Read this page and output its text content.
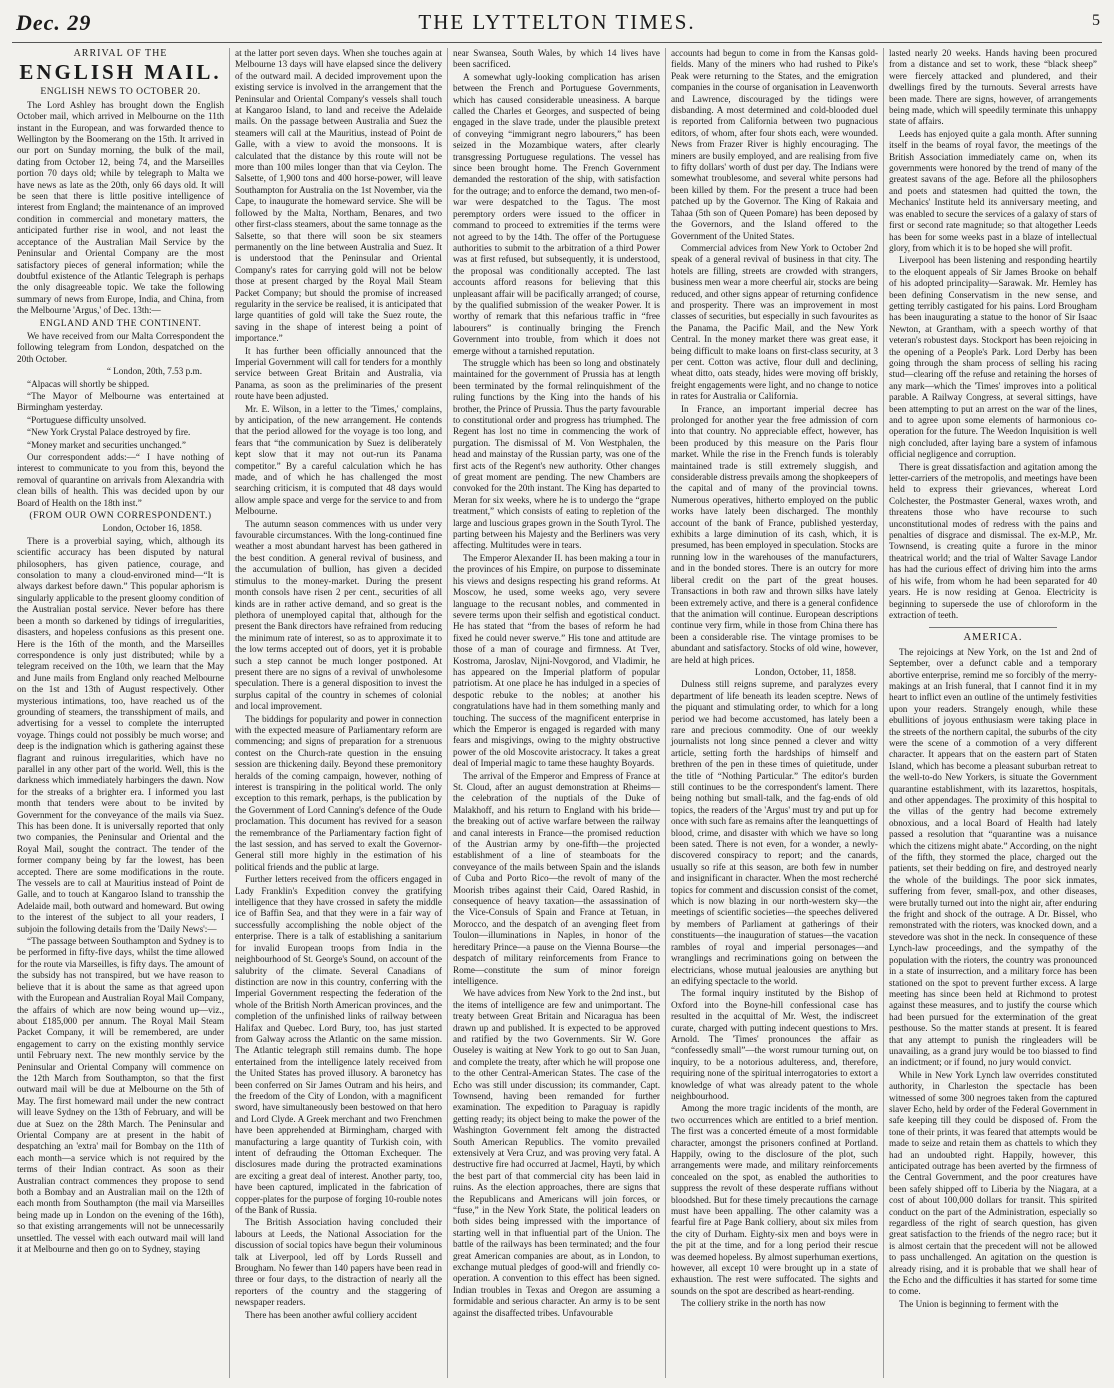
Dec. 29	THE LYTTELTON TIMES.	5
ARRIVAL OF THE
ENGLISH MAIL.
ENGLISH NEWS TO OCTOBER 20.

The Lord Ashley has brought down the English October mail, which arrived in Melbourne on the 11th instant in the European, and was forwarded thence to Wellington by the Boomerang on the 15th. It arrived in our port on Sunday morning, the bulk of the mail, dating from October 12, being 74, and the Marseilles portion 70 days old; while by telegraph to Malta we have news as late as the 20th, only 66 days old. It will be seen that there is little positive intelligence of interest from England; the maintenance of an improved condition in commercial and monetary matters, the anticipated further rise in wool, and not least the acceptance of the Australian Mail Service by the Peninsular and Oriental Company are the most satisfactory pieces of general information; while the doubtful existence of the Atlantic Telegraph is perhaps the only disagreeable topic. We take the following summary of news from Europe, India, and China, from the Melbourne 'Argus,' of Dec. 13th:—

ENGLAND AND THE CONTINENT.

We have received from our Malta Correspondent the following telegram from London, despatched on the 20th October.

“ London, 20th, 7.53 p.m.

“Alpacas will shortly be shipped.

“The Mayor of Melbourne was entertained at Birmingham yesterday.

“Portuguese difficulty unsolved.

“New York Crystal Palace destroyed by fire.

“Money market and securities unchanged.”

Our correspondent adds:—“ I have nothing of interest to communicate to you from this, beyond the removal of quarantine on arrivals from Alexandria with clean bills of health. This was decided upon by our Board of Health on the 18th inst.”

(FROM OUR OWN CORRESPONDENT.)

London, October 16, 1858.

There is a proverbial saying, which, although its scientific accuracy has been disputed by natural philosophers, has given patience, courage, and consolation to many a cloud-environed mind—“It is always darkest before dawn.” This popular aphorism is singularly applicable to the present gloomy condition of the Australian postal service. Never before has there been a month so darkened by tidings of irregularities, disasters, and hopeless confusions as this present one. Here is the 16th of the month, and the Marseilles correspondence is only just distributed; while by a telegram received on the 10th, we learn that the May and June mails from England only reached Melbourne on the 1st and 13th of August respectively. Other mysterious intimations, too, have reached us of the grounding of steamers, the transshipment of mails, and advertising for a vessel to complete the interrupted voyage. Things could not possibly be much worse; and deep is the indignation which is gathering against these flagrant and ruinous irregularities, which have no parallel in any other part of the world. Well, this is the darkness which immediately harbingers the dawn. Now for the streaks of a brighter era. I informed you last month that tenders were about to be invited by Government for the conveyance of the mails via Suez. This has been done. It is universally reported that only two companies, the Peninsular and Oriental and the Royal Mail, sought the contract. The tender of the former company being by far the lowest, has been accepted. There are some modifications in the route. The vessels are to call at Mauritius instead of Point de Galle, and to touch at Kangaroo Island to transship the Adelaide mail, both outward and homeward. But owing to the interest of the subject to all your readers, I subjoin the following details from the 'Daily News':—

“The passage between Southampton and Sydney is to be performed in fifty-five days, whilst the time allowed for the route via Marseilles, is fifty days. The amount of the subsidy has not transpired, but we have reason to believe that it is about the same as that agreed upon with the European and Australian Royal Mail Company, the affairs of which are now being wound up—viz., about £185,000 per annum. The Royal Mail Steam Packet Company, it will be remembered, are under engagement to carry on the existing monthly service until February next. The new monthly service by the Peninsular and Oriental Company will commence on the 12th March from Southampton, so that the first outward mail will be due at Melbourne on the 5th of May. The first homeward mail under the new contract will leave Sydney on the 13th of February, and will be due at Suez on the 28th March. The Peninsular and Oriental Company are at present in the habit of despatching an 'extra' mail for Bombay on the 11th of each month—a service which is not required by the terms of their Indian contract. As soon as their Australian contract commences they propose to send both a Bombay and an Australian mail on the 12th of each month from Southampton (the mail via Marseilles being made up in London on the evening of the 16th), so that existing arrangements will not be unnecessarily unsettled. The vessel with each outward mail will land it at Melbourne and then go on to Sydney, staying

at the latter port seven days. When she touches again at Melbourne 13 days will have elapsed since the delivery of the outward mail. A decided improvement upon the existing service is involved in the arrangement that the Peninsular and Oriental Company's vessels shall touch at Kangaroo Island, to land and receive the Adelaide mails. On the passage between Australia and Suez the steamers will call at the Mauritius, instead of Point de Galle, with a view to avoid the monsoons. It is calculated that the distance by this route will not be more than 100 miles longer than that via Ceylon. The Salsette, of 1,900 tons and 400 horse-power, will leave Southampton for Australia on the 1st November, via the Cape, to inaugurate the homeward service. She will be followed by the Malta, Northam, Benares, and two other first-class steamers, about the same tonnage as the Salsette, so that there will soon be six steamers permanently on the line between Australia and Suez. It is understood that the Peninsular and Oriental Company's rates for carrying gold will not be below those at present charged by the Royal Mail Steam Packet Company; but should the promise of increased regularity in the service be realised, it is anticipated that large quantities of gold will take the Suez route, the saving in the shape of interest being a point of importance.”

It has further been officially announced that the Imperial Government will call for tenders for a monthly service between Great Britain and Australia, via Panama, as soon as the preliminaries of the present route have been adjusted.

Mr. E. Wilson, in a letter to the 'Times,' complains, by anticipation, of the new arrangement. He contends that the period allowed for the voyage is too long, and fears that “the communication by Suez is deliberately kept slow that it may not out-run its Panama competitor.” By a careful calculation which he has made, and of which he has challenged the most searching criticism, it is computed that 48 days would allow ample space and verge for the service to and from Melbourne.

The autumn season commences with us under very favourable circumstances. With the long-continued fine weather a most abundant harvest has been gathered in the best condition. A general revival of business, and the accumulation of bullion, has given a decided stimulus to the money-market. During the present month consols have risen 2 per cent., securities of all kinds are in rather active demand, and so great is the plethora of unemployed capital that, although for the present the Bank directors have refrained from reducing the minimum rate of interest, so as to approximate it to the low terms accepted out of doors, yet it is probable such a step cannot be much longer postponed. At present there are no signs of a revival of unwholesome speculation. There is a general disposition to invest the surplus capital of the country in schemes of colonial and local improvement.

The biddings for popularity and power in connection with the expected measure of Parliamentary reform are commencing; and signs of preparation for a strenuous contest on the Church-rate question in the ensuing session are thickening daily. Beyond these premonitory heralds of the coming campaign, however, nothing of interest is transpiring in the political world. The only exception to this remark, perhaps, is the publication by the Government of Lord Canning's defence of the Oude proclamation. This document has revived for a season the remembrance of the Parliamentary faction fight of the last session, and has served to exalt the Governor-General still more highly in the estimation of his political friends and the public at large.

Further letters received from the officers engaged in Lady Franklin's Expedition convey the gratifying intelligence that they have crossed in safety the middle ice of Baffin Sea, and that they were in a fair way of successfully accomplishing the noble object of the enterprise. There is a talk of establishing a sanitarium for invalid European troops from India in the neighbourhood of St. George's Sound, on account of the salubrity of the climate. Several Canadians of distinction are now in this country, conferring with the Imperial Government respecting the federation of the whole of the British North American provinces, and the completion of the unfinished links of railway between Halifax and Quebec. Lord Bury, too, has just started from Galway across the Atlantic on the same mission. The Atlantic telegraph still remains dumb. The hope entertained from the intelligence lately received from the United States has proved illusory. A baronetcy has been conferred on Sir James Outram and his heirs, and the freedom of the City of London, with a magnificent sword, have simultaneously been bestowed on that hero and Lord Clyde. A Greek merchant and two Frenchmen have been apprehended at Birmingham, charged with manufacturing a large quantity of Turkish coin, with intent of defrauding the Ottoman Exchequer. The disclosures made during the protracted examinations are exciting a great deal of interest. Another party, too, have been captured, implicated in the fabrication of copper-plates for the purpose of forging 10-rouble notes of the Bank of Russia.

The British Association having concluded their labours at Leeds, the National Association for the discussion of social topics have begun their voluminous talk at Liverpool, led off by Lords Russell and Brougham. No fewer than 140 papers have been read in three or four days, to the distraction of nearly all the reporters of the country and the staggering of newspaper readers.

There has been another awful colliery accident

near Swansea, South Wales, by which 14 lives have been sacrificed.

A somewhat ugly-looking complication has arisen between the French and Portuguese Governments, which has caused considerable uneasiness. A barque called the Charles et Georges, and suspected of being engaged in the slave trade, under the plausible pretext of conveying “immigrant negro labourers,” has been seized in the Mozambique waters, after clearly transgressing Portuguese regulations. The vessel has since been brought home. The French Government demanded the restoration of the ship, with satisfaction for the outrage; and to enforce the demand, two men-of-war were despatched to the Tagus. The most peremptory orders were issued to the officer in command to proceed to extremities if the terms were not agreed to by the 14th. The offer of the Portuguese authorities to submit to the arbitration of a third Power was at first refused, but subsequently, it is understood, the proposal was conditionally accepted. The last accounts afford reasons for believing that this unpleasant affair will be pacifically arranged; of course, by the qualified submission of the weaker Power. It is worthy of remark that this nefarious traffic in “free labourers” is continually bringing the French Government into trouble, from which it does not emerge without a tarnished reputation.

The struggle which has been so long and obstinately maintained for the government of Prussia has at length been terminated by the formal relinquishment of the ruling functions by the King into the hands of his brother, the Prince of Prussia. Thus the party favourable to constitutional order and progress has triumphed. The Regent has lost no time in commencing the work of purgation. The dismissal of M. Von Westphalen, the head and mainstay of the Russian party, was one of the first acts of the Regent's new authority. Other changes of great moment are pending. The new Chambers are convoked for the 20th instant. The King has departed to Meran for six weeks, where he is to undergo the “grape treatment,” which consists of eating to repletion of the large and luscious grapes grown in the South Tyrol. The parting between his Majesty and the Berliners was very affecting. Multitudes were in tears.

The Emperor Alexander II. has been making a tour in the provinces of his Empire, on purpose to disseminate his views and designs respecting his grand reforms. At Moscow, he used, some weeks ago, very severe language to the recusant nobles, and commented in severe terms upon their selfish and egotistical conduct. He has stated that “from the bases of reform he had fixed he could never swerve.” His tone and attitude are those of a man of courage and firmness. At Tver, Kostroma, Jaroslav, Nijni-Novgorod, and Vladimir, he has appeared on the Imperial platform of popular patriotism. At one place he has indulged in a species of despotic rebuke to the nobles; at another his congratulations have had in them something manly and touching. The success of the magnificent enterprise in which the Emperor is engaged is regarded with many fears and misgivings, owing to the mighty obstructive power of the old Moscovite aristocracy. It takes a great deal of Imperial magic to tame these haughty Boyards.

The arrival of the Emperor and Empress of France at St. Cloud, after an august demonstration at Rheims—the celebration of the nuptials of the Duke of Malakhoff, and his return to England with his bride—the breaking out of active warfare between the railway and canal interests in France—the promised reduction of the Austrian army by one-fifth—the projected establishment of a line of steamboats for the conveyance of the mails between Spain and the islands of Cuba and Porto Rico—the revolt of many of the Moorish tribes against their Caid, Oared Rashid, in consequence of heavy taxation—the assassination of the Vice-Consuls of Spain and France at Tetuan, in Morocco, and the despatch of an avenging fleet from Toulon—illuminations in Naples, in honor of the hereditary Prince—a pause on the Vienna Bourse—the despatch of military reinforcements from France to Rome—constitute the sum of minor foreign intelligence.

We have advices from New York to the 2nd inst., but the items of intelligence are few and unimportant. The treaty between Great Britain and Nicaragua has been drawn up and published. It is expected to be approved and ratified by the two Governments. Sir W. Gore Ouseley is waiting at New York to go out to San Juan, and complete the treaty, after which he will propose one to the other Central-American States. The case of the Echo was still under discussion; its commander, Capt. Townsend, having been remanded for further examination. The expedition to Paraguay is rapidly getting ready; its object being to make the power of the Washington Government felt among the distracted South American Republics. The vomito prevailed extensively at Vera Cruz, and was proving very fatal. A destructive fire had occurred at Jacmel, Hayti, by which the best part of that commercial city has been laid in ruins. As the election approaches, there are signs that the Republicans and Americans will join forces, or “fuse,” in the New York State, the political leaders on both sides being impressed with the importance of starting well in that influential part of the Union. The battle of the railways has been terminated; and the four great American companies are about, as in London, to exchange mutual pledges of good-will and friendly co-operation. A convention to this effect has been signed. Indian troubles in Texas and Oregon are assuming a formidable and serious character. An army is to be sent against the disaffected tribes. Unfavourable

accounts had begun to come in from the Kansas gold-fields. Many of the miners who had rushed to Pike's Peak were returning to the States, and the emigration companies in the course of organisation in Leavenworth and Lawrence, discouraged by the tidings were disbanding. A most determined and cold-blooded duel is reported from California between two pugnacious editors, of whom, after four shots each, were wounded. News from Frazer River is highly encouraging. The miners are busily employed, and are realising from five to fifty dollars' worth of dust per day. The Indians were somewhat troublesome, and several white persons had been killed by them. For the present a truce had been patched up by the Governor. The King of Rakaia and Tahaa (5th son of Queen Pomare) has been deposed by the Governors, and the Island offered to the Government of the United States.

Commercial advices from New York to October 2nd speak of a general revival of business in that city. The hotels are filling, streets are crowded with strangers, business men wear a more cheerful air, stocks are being reduced, and other signs appear of returning confidence and prosperity. There was an improvement in most classes of securities, but especially in such favourites as the Panama, the Pacific Mail, and the New York Central. In the money market there was great ease, it being difficult to make loans on first-class security, at 3 per cent. Cotton was active, flour dull and declining, wheat ditto, oats steady, hides were moving off briskly, freight engagements were light, and no change to notice in rates for Australia or California.

In France, an important imperial decree has prolonged for another year the free admission of corn into that country. No appreciable effect, however, has been produced by this measure on the Paris flour market. While the rise in the French funds is tolerably maintained trade is still extremely sluggish, and considerable distress prevails among the shopkeepers of the capital and of many of the provincial towns. Numerous operatives, hitherto employed on the public works have lately been discharged. The monthly account of the bank of France, published yesterday, exhibits a large diminution of its cash, which, it is presumed, has been employed in speculation. Stocks are running low in the warehouses of the manufacturers, and in the bonded stores. There is an outcry for more liberal credit on the part of the great houses. Transactions in both raw and thrown silks have lately been extremely active, and there is a general confidence that the animation will continue. European descriptions continue very firm, while in those from China there has been a considerable rise. The vintage promises to be abundant and satisfactory. Stocks of old wine, however, are held at high prices.

London, October, 11, 1858.

Dulness still reigns supreme, and paralyzes every department of life beneath its leaden sceptre. News of the piquant and stimulating order, to which for a long period we had become accustomed, has lately been a rare and precious commodity. One of our weekly journalists not long since penned a clever and witty article, setting forth the hardships of himself and brethren of the pen in these times of quietitude, under the title of “Nothing Particular.” The editor's burden still continues to be the correspondent's lament. There being nothing but small-talk, and the fag-ends of old topics, the readers of the 'Argus' must try and put up for once with such fare as remains after the leanquettings of blood, crime, and disaster with which we have so long been sated. There is not even, for a wonder, a newly-discovered conspiracy to report; and the canards, usually so rife at this season, are both few in number and insignificant in character. When the most recherché topics for comment and discussion consist of the comet, which is now blazing in our north-western sky—the meetings of scientific societies—the speeches delivered by members of Parliament at gatherings of their constituents—the inauguration of statues—the vacation rambles of royal and imperial personages—and wranglings and recriminations going on between the electricians, whose mutual jealousies are anything but an edifying spectacle to the world.

The formal inquiry instituted by the Bishop of Oxford into the Boyne-hill confessional case has resulted in the acquittal of Mr. West, the indiscreet curate, charged with putting indecent questions to Mrs. Arnold. The 'Times' pronounces the affair as “confessedly small”—the worst rumour turning out, on inquiry, to be a notorious adulteress, and, therefore, requiring none of the spiritual interrogatories to extort a knowledge of what was already patent to the whole neighbourhood.

Among the more tragic incidents of the month, are two occurrences which are entitled to a brief mention. The first was a concerted émeute of a most formidable character, amongst the prisoners confined at Portland. Happily, owing to the disclosure of the plot, such arrangements were made, and military reinforcements concealed on the spot, as enabled the authorities to suppress the revolt of these desperate ruffians without bloodshed. But for these timely precautions the carnage must have been appalling. The other calamity was a fearful fire at Page Bank colliery, about six miles from the city of Durham. Eighty-six men and boys were in the pit at the time, and for a long period their rescue was deemed hopeless. By almost superhuman exertions, however, all except 10 were brought up in a state of exhaustion. The rest were suffocated. The sights and sounds on the spot are described as heart-rending.

The colliery strike in the north has now

lasted nearly 20 weeks. Hands having been procured from a distance and set to work, these “black sheep” were fiercely attacked and plundered, and their dwellings fired by the turnouts. Several arrests have been made. There are signs, however, of arrangements being made, which will speedily terminate this unhappy state of affairs.

Leeds has enjoyed quite a gala month. After sunning itself in the beams of royal favor, the meetings of the British Association immediately came on, when its governments were honored by the trend of many of the greatest savans of the age. Before all the philosophers and poets and statesmen had quitted the town, the Mechanics' Institute held its anniversary meeting, and was enabled to secure the services of a galaxy of stars of first or second rate magnitude; so that altogether Leeds has been for some weeks past in a blaze of intellectual glory, from which it is to be hoped she will profit.

Liverpool has been listening and responding heartily to the eloquent appeals of Sir James Brooke on behalf of his adopted principality—Sarawak. Mr. Hemley has been defining Conservatism in the new sense, and getting terribly castigated for his pains. Lord Brougham has been inaugurating a statue to the honor of Sir Isaac Newton, at Grantham, with a speech worthy of that veteran's robustest days. Stockport has been rejoicing in the opening of a People's Park. Lord Derby has been going through the sham process of selling his racing stud—clearing off the refuse and retaining the horses of any mark—which the 'Times' improves into a political parable. A Railway Congress, at several sittings, have been attempting to put an arrest on the war of the lines, and to agree upon some elements of harmonious co-operation for the future. The Weedon Inquisition is well nigh concluded, after laying bare a system of infamous official negligence and corruption.

There is great dissatisfaction and agitation among the letter-carriers of the metropolis, and meetings have been held to express their grievances, whereat Lord Colchester, the Postmaster General, waxes wroth, and threatens those who have recourse to such unconstitutional modes of redress with the pains and penalties of disgrace and dismissal. The ex-M.P., Mr. Townsend, is creating quite a furore in the minor theatrical world; and the trial of Walter Savage Landor has had the curious effect of driving him into the arms of his wife, from whom he had been separated for 40 years. He is now residing at Genoa. Electricity is beginning to supersede the use of chloroform in the extraction of teeth.

AMERICA.

The rejoicings at New York, on the 1st and 2nd of September, over a defunct cable and a temporary abortive enterprise, remind me so forcibly of the merry-makings at an Irish funeral, that I cannot find it in my heart to inflict even an outline of the untimely festivities upon your readers. Strangely enough, while these ebullitions of joyous enthusiasm were taking place in the streets of the northern capital, the suburbs of the city were the scene of a commotion of a very different character. It appears that on the eastern part of Staten Island, which has become a pleasant suburban retreat to the well-to-do New Yorkers, is situate the Government quarantine establishment, with its lazarettos, hospitals, and other appendages. The proximity of this hospital to the villas of the gentry had become extremely obnoxious, and a local Board of Health had lately passed a resolution that “quarantine was a nuisance which the citizens might abate.” According, on the night of the fifth, they stormed the place, charged out the patients, set their bedding on fire, and destroyed nearly the whole of the buildings. The poor sick inmates, suffering from fever, small-pox, and other diseases, were brutally turned out into the night air, after enduring the fright and shock of the outrage. A Dr. Bissel, who remonstrated with the rioters, was knocked down, and a stevedore was shot in the neck. In consequence of these Lynch-law proceedings, and the sympathy of the population with the rioters, the country was pronounced in a state of insurrection, and a military force has been stationed on the spot to prevent further excess. A large meeting has since been held at Richmond to protest against these measures, and to justify the course which had been pursued for the extermination of the great pesthouse. So the matter stands at present. It is feared that any attempt to punish the ringleaders will be unavailing, as a grand jury would be too biassed to find an indictment; or if found, no jury would convict.

While in New York Lynch law overrides constituted authority, in Charleston the spectacle has been witnessed of some 300 negroes taken from the captured slaver Echo, held by order of the Federal Government in safe keeping till they could be disposed of. From the tone of their prints, it was feared that attempts would be made to seize and retain them as chattels to which they had an undoubted right. Happily, however, this anticipated outrage has been averted by the firmness of the Central Government, and the poor creatures have been safely shipped off to Liberia by the Niagara, at a cost of about 100,000 dollars for transit. This spirited conduct on the part of the Administration, especially so regardless of the right of search question, has given great satisfaction to the friends of the negro race; but it is almost certain that the precedent will not be allowed to pass unchallenged. An agitation on the question is already rising, and it is probable that we shall hear of the Echo and the difficulties it has started for some time to come.

The Union is beginning to ferment with the
